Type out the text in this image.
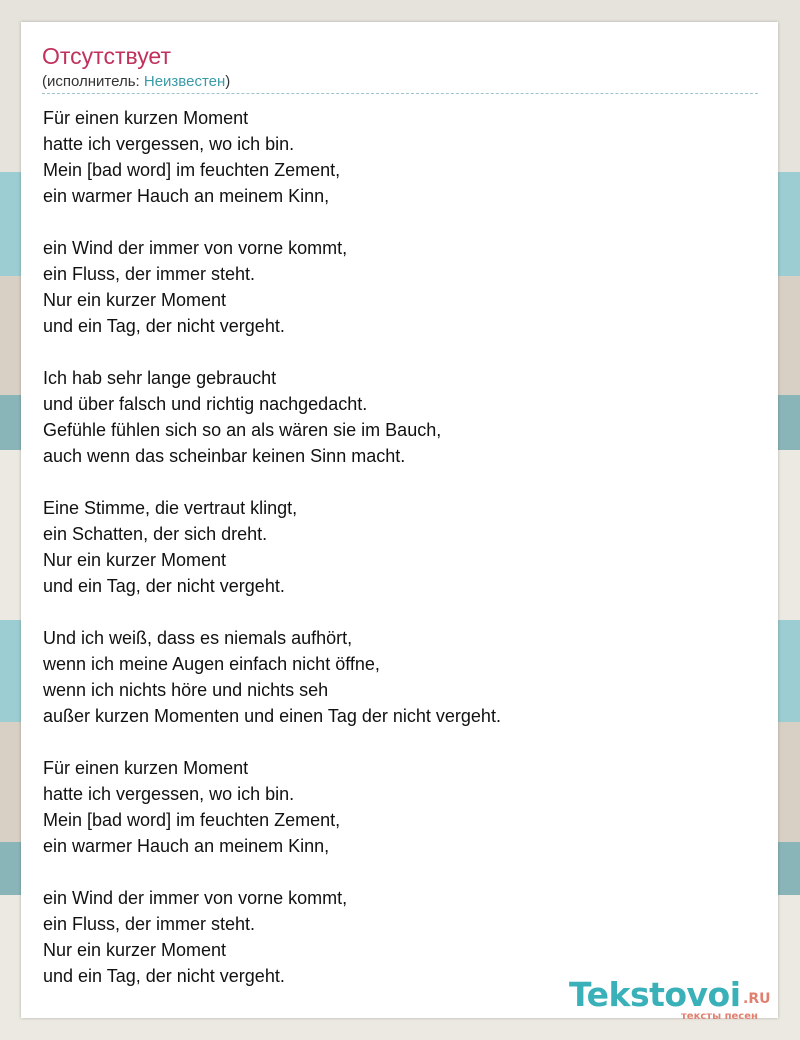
Отсутствует
(исполнитель: Неизвестен)
Für einen kurzen Moment
hatte ich vergessen, wo ich bin.
Mein [bad word] im feuchten Zement,
ein warmer Hauch an meinem Kinn,
ein Wind der immer von vorne kommt,
ein Fluss, der immer steht.
Nur ein kurzer Moment
und ein Tag, der nicht vergeht.
Ich hab sehr lange gebraucht
und über falsch und richtig nachgedacht.
Gefühle fühlen sich so an als wären sie im Bauch,
auch wenn das scheinbar keinen Sinn macht.
Eine Stimme, die vertraut klingt,
ein Schatten, der sich dreht.
Nur ein kurzer Moment
und ein Tag, der nicht vergeht.
Und ich weiß, dass es niemals aufhört,
wenn ich meine Augen einfach nicht öffne,
wenn ich nichts höre und nichts seh
außer kurzen Momenten und einen Tag der nicht vergeht.
Für einen kurzen Moment
hatte ich vergessen, wo ich bin.
Mein [bad word] im feuchten Zement,
ein warmer Hauch an meinem Kinn,
ein Wind der immer von vorne kommt,
ein Fluss, der immer steht.
Nur ein kurzer Moment
und ein Tag, der nicht vergeht.	Tekstovoi .RU
тексты песен
